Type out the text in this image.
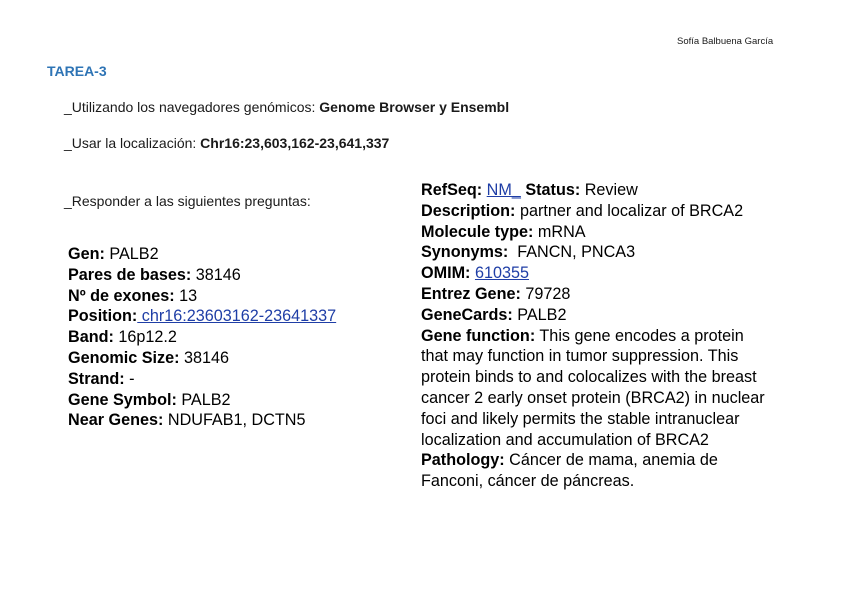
Sofía Balbuena García
TAREA-3
_Utilizando los navegadores genómicos: Genome Browser y Ensembl
_Usar la localización: Chr16:23,603,162-23,641,337
_Responder a las siguientes preguntas:
Gen: PALB2
Pares de bases: 38146
Nº de exones: 13
Position: chr16:23603162-23641337
Band: 16p12.2
Genomic Size: 38146
Strand: -
Gene Symbol: PALB2
Near Genes: NDUFAB1, DCTN5
RefSeq: NM_ Status: Review
Description: partner and localizar of BRCA2
Molecule type: mRNA
Synonyms:  FANCN, PNCA3
OMIM: 610355
Entrez Gene: 79728
GeneCards: PALB2
Gene function: This gene encodes a protein that may function in tumor suppression. This protein binds to and colocalizes with the breast cancer 2 early onset protein (BRCA2) in nuclear foci and likely permits the stable intranuclear localization and accumulation of BRCA2
Pathology: Cáncer de mama, anemia de Fanconi, cáncer de páncreas.
